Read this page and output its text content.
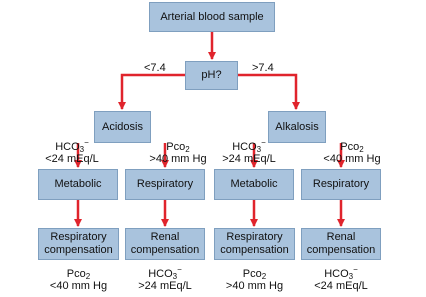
Arterial blood sample
pH?
Acidosis	Alkalosis
Metabolic	Respiratory	Metabolic	Respiratory
Respiratory
compensation
Renal
compensation
Respiratory
compensation
Renal
compensation
<7.4	>7.4
$HCO_3^-$
<24 mEq/L
Pco$_2$
>40 mm Hg
$HCO_3^-$
>24 mEq/L
Pco$_2$
<40 mm Hg
Pco$_2$
<40 mm Hg
$HCO_3^-$
>24 mEq/L
Pco$_2$
>40 mm Hg
$HCO_3^-$
<24 mEq/L
